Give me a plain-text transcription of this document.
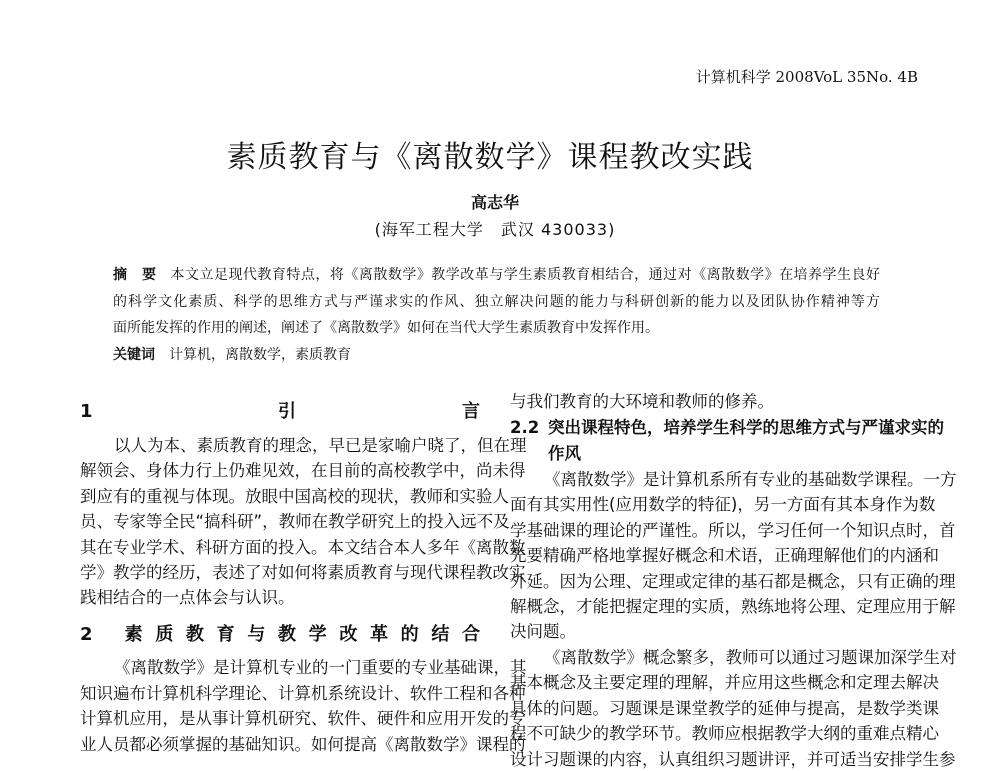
计算机科学 2008VoL 35No. 4B
素质教育与《离散数学》课程教改实践
高志华
(海军工程大学　武汉 430033)
摘　要 本文立足现代教育特点，将《离散数学》教学改革与学生素质教育相结合，通过对《离散数学》在培养学生良好
的科学文化素质、科学的思维方式与严谨求实的作风、独立解决问题的能力与科研创新的能力以及团队协作精神等方
面所能发挥的作用的阐述，阐述了《离散数学》如何在当代大学生素质教育中发挥作用。
关键词 计算机，离散数学，素质教育
1 引言
以人为本、素质教育的理念，早已是家喻户晓了，但在理
解领会、身体力行上仍难见效，在目前的高校教学中，尚未得
到应有的重视与体现。放眼中国高校的现状，教师和实验人
员、专家等全民“搞科研”，教师在教学研究上的投入远不及
其在专业学术、科研方面的投入。本文结合本人多年《离散数
学》教学的经历，表述了对如何将素质教育与现代课程教改实
践相结合的一点体会与认识。
2 素质教育与教学改革的结合
《离散数学》是计算机专业的一门重要的专业基础课，其
知识遍布计算机科学理论、计算机系统设计、软件工程和各种
计算机应用，是从事计算机研究、软件、硬件和应用开发的专
业人员都必须掌握的基础知识。如何提高《离散数学》课程的
与我们教育的大环境和教师的修养。
2.2 突出课程特色，培养学生科学的思维方式与严谨求实的
作风
《离散数学》是计算机系所有专业的基础数学课程。一方
面有其实用性(应用数学的特征)，另一方面有其本身作为数
学基础课的理论的严谨性。所以，学习任何一个知识点时，首
先要精确严格地掌握好概念和术语，正确理解他们的内涵和
外延。因为公理、定理或定律的基石都是概念，只有正确的理
解概念，才能把握定理的实质，熟练地将公理、定理应用于解
决问题。
《离散数学》概念繁多，教师可以通过习题课加深学生对
基本概念及主要定理的理解，并应用这些概念和定理去解决
具体的问题。习题课是课堂教学的延伸与提高，是数学类课
程不可缺少的教学环节。教师应根据教学大纲的重难点精心
设计习题课的内容，认真组织习题讲评，并可适当安排学生参
